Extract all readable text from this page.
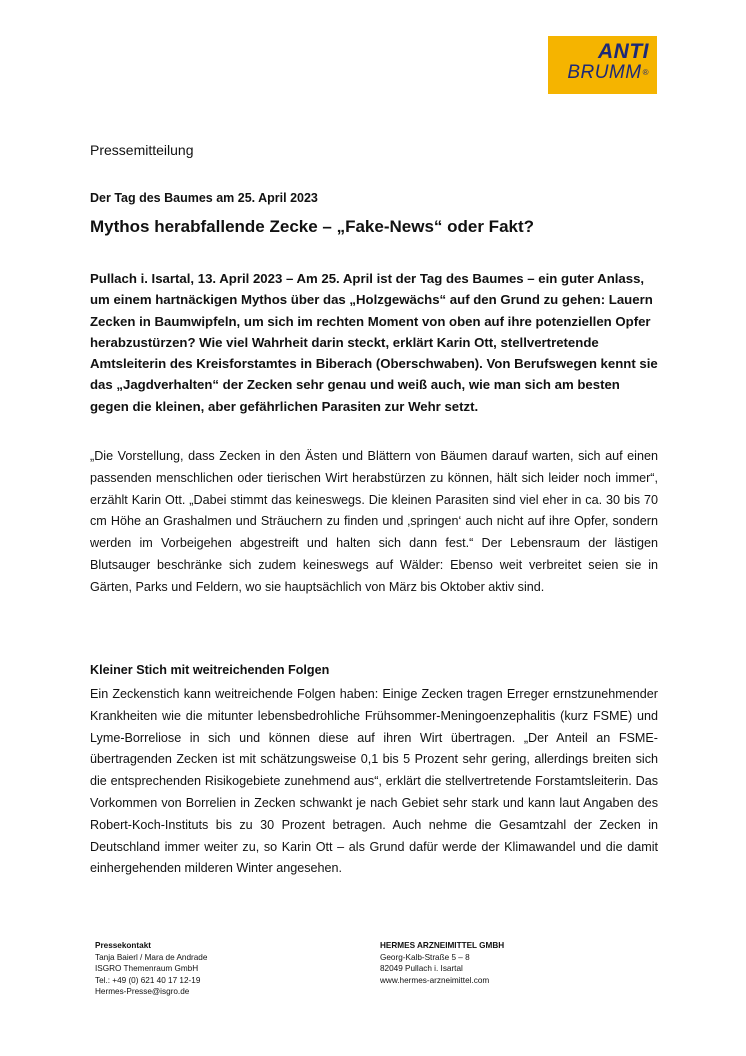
ANTI
BRUMM®
Pressemitteilung
Der Tag des Baumes am 25. April 2023
Mythos herabfallende Zecke – „Fake-News“ oder Fakt?
Pullach i. Isartal, 13. April 2023 – Am 25. April ist der Tag des Baumes – ein guter Anlass, um einem hartnäckigen Mythos über das „Holzgewächs“ auf den Grund zu gehen: Lauern Zecken in Baumwipfeln, um sich im rechten Moment von oben auf ihre potenziellen Opfer herabzustürzen? Wie viel Wahrheit darin steckt, erklärt Karin Ott, stellvertretende Amtsleiterin des Kreisforstamtes in Biberach (Oberschwaben). Von Berufswegen kennt sie das „Jagdverhalten“ der Zecken sehr genau und weiß auch, wie man sich am besten gegen die kleinen, aber gefährlichen Parasiten zur Wehr setzt.
„Die Vorstellung, dass Zecken in den Ästen und Blättern von Bäumen darauf warten, sich auf einen passenden menschlichen oder tierischen Wirt herabstürzen zu können, hält sich leider noch immer“, erzählt Karin Ott. „Dabei stimmt das keineswegs. Die kleinen Parasiten sind viel eher in ca. 30 bis 70 cm Höhe an Grashalmen und Sträuchern zu finden und ‚springen‘ auch nicht auf ihre Opfer, sondern werden im Vorbeigehen abgestreift und halten sich dann fest.“ Der Lebensraum der lästigen Blutsauger beschränke sich zudem keineswegs auf Wälder: Ebenso weit verbreitet seien sie in Gärten, Parks und Feldern, wo sie hauptsächlich von März bis Oktober aktiv sind.
Kleiner Stich mit weitreichenden Folgen
Ein Zeckenstich kann weitreichende Folgen haben: Einige Zecken tragen Erreger ernstzunehmender Krankheiten wie die mitunter lebensbedrohliche Frühsommer-Meningoenzephalitis (kurz FSME) und Lyme-Borreliose in sich und können diese auf ihren Wirt übertragen. „Der Anteil an FSME-übertragenden Zecken ist mit schätzungsweise 0,1 bis 5 Prozent sehr gering, allerdings breiten sich die entsprechenden Risikogebiete zunehmend aus“, erklärt die stellvertretende Forstamtsleiterin. Das Vorkommen von Borrelien in Zecken schwankt je nach Gebiet sehr stark und kann laut Angaben des Robert-Koch-Instituts bis zu 30 Prozent betragen. Auch nehme die Gesamtzahl der Zecken in Deutschland immer weiter zu, so Karin Ott – als Grund dafür werde der Klimawandel und die damit einhergehenden milderen Winter angesehen.
Pressekontakt
Tanja Baierl / Mara de Andrade
ISGRO Themenraum GmbH
Tel.: +49 (0) 621 40 17 12-19
Hermes-Presse@isgro.de
HERMES ARZNEIMITTEL GMBH
Georg-Kalb-Straße 5 – 8
82049 Pullach i. Isartal
www.hermes-arzneimittel.com
